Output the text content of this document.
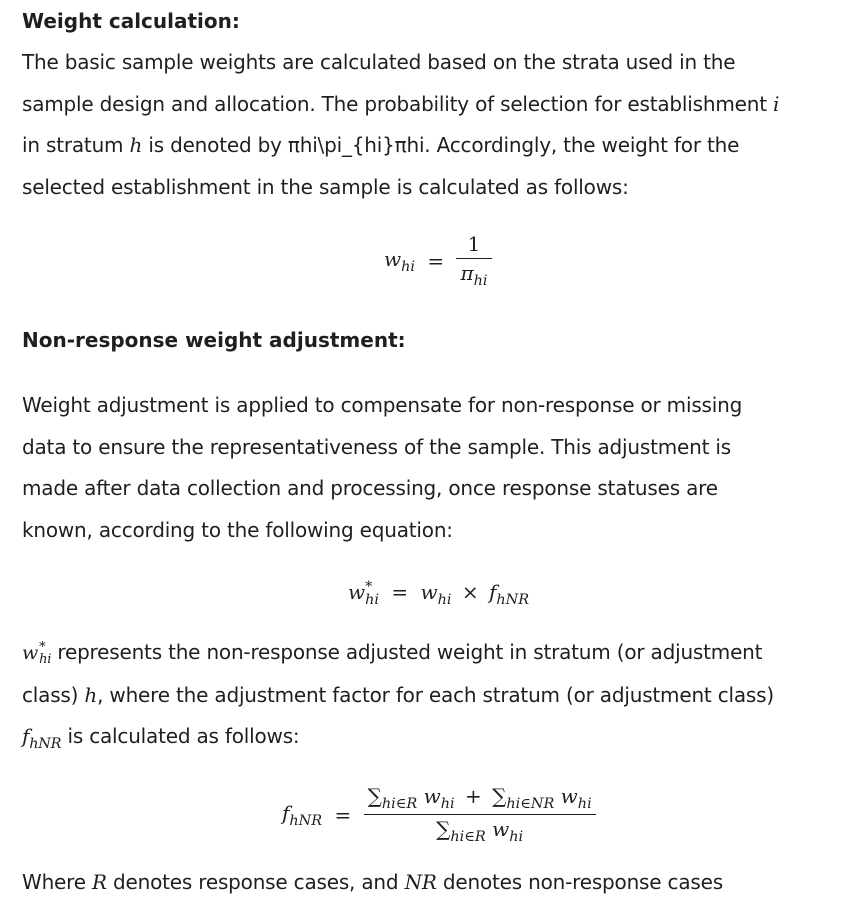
Weight calculation:

The basic sample weights are calculated based on the strata used in the

sample design and allocation. The probability of selection for establishment i

in stratum h is denoted by πhi\pi_{hi}πhi. Accordingly, the weight for the

selected establishment in the sample is calculated as follows:

$w_{hi} = \frac{1}{\pi_{hi}}$

Non-response weight adjustment:

Weight adjustment is applied to compensate for non-response or missing

data to ensure the representativeness of the sample. This adjustment is

made after data collection and processing, once response statuses are

known, according to the following equation:

w *
hi = $w_{hi} \times f_{hNR}$

w *
hi represents the non-response adjusted weight in stratum (or adjustment

class) h, where the adjustment factor for each stratum (or adjustment class)

$f_{hNR}$ is calculated as follows:

$f_{hNR} = \frac{\sum_{hi\in R} w_{hi} + \sum_{hi\in NR} w_{hi}}{\sum_{hi\in R} w_{hi}}$

Where R denotes response cases, and NR denotes non-response cases
